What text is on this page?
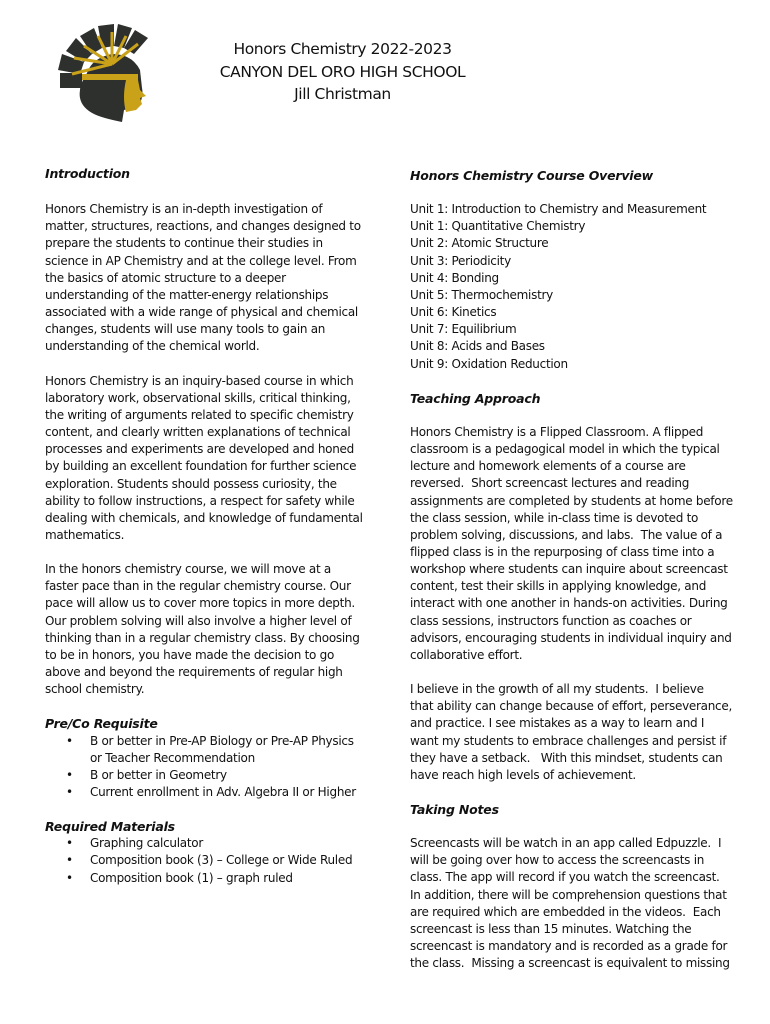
Honors Chemistry 2022-2023
CANYON DEL ORO HIGH SCHOOL
Jill Christman
Introduction
Honors Chemistry is an in-depth investigation of
matter, structures, reactions, and changes designed to
prepare the students to continue their studies in
science in AP Chemistry and at the college level. From
the basics of atomic structure to a deeper
understanding of the matter-energy relationships
associated with a wide range of physical and chemical
changes, students will use many tools to gain an
understanding of the chemical world.
Honors Chemistry is an inquiry-based course in which
laboratory work, observational skills, critical thinking,
the writing of arguments related to specific chemistry
content, and clearly written explanations of technical
processes and experiments are developed and honed
by building an excellent foundation for further science
exploration. Students should possess curiosity, the
ability to follow instructions, a respect for safety while
dealing with chemicals, and knowledge of fundamental
mathematics.
In the honors chemistry course, we will move at a
faster pace than in the regular chemistry course. Our
pace will allow us to cover more topics in more depth.
Our problem solving will also involve a higher level of
thinking than in a regular chemistry class. By choosing
to be in honors, you have made the decision to go
above and beyond the requirements of regular high
school chemistry.
Pre/Co Requisite
• B or better in Pre-AP Biology or Pre-AP Physics
or Teacher Recommendation
• B or better in Geometry
• Current enrollment in Adv. Algebra II or Higher
Required Materials
• Graphing calculator
• Composition book (3) – College or Wide Ruled
• Composition book (1) – graph ruled
Honors Chemistry Course Overview
Unit 1: Introduction to Chemistry and Measurement
Unit 1: Quantitative Chemistry
Unit 2: Atomic Structure
Unit 3: Periodicity
Unit 4: Bonding
Unit 5: Thermochemistry
Unit 6: Kinetics
Unit 7: Equilibrium
Unit 8: Acids and Bases
Unit 9: Oxidation Reduction
Teaching Approach
Honors Chemistry is a Flipped Classroom. A flipped
classroom is a pedagogical model in which the typical
lecture and homework elements of a course are
reversed.  Short screencast lectures and reading
assignments are completed by students at home before
the class session, while in-class time is devoted to
problem solving, discussions, and labs.  The value of a
flipped class is in the repurposing of class time into a
workshop where students can inquire about screencast
content, test their skills in applying knowledge, and
interact with one another in hands-on activities. During
class sessions, instructors function as coaches or
advisors, encouraging students in individual inquiry and
collaborative effort.
I believe in the growth of all my students.  I believe
that ability can change because of effort, perseverance,
and practice. I see mistakes as a way to learn and I
want my students to embrace challenges and persist if
they have a setback.   With this mindset, students can
have reach high levels of achievement.
Taking Notes
Screencasts will be watch in an app called Edpuzzle.  I
will be going over how to access the screencasts in
class. The app will record if you watch the screencast.
In addition, there will be comprehension questions that
are required which are embedded in the videos.  Each
screencast is less than 15 minutes. Watching the
screencast is mandatory and is recorded as a grade for
the class.  Missing a screencast is equivalent to missing
